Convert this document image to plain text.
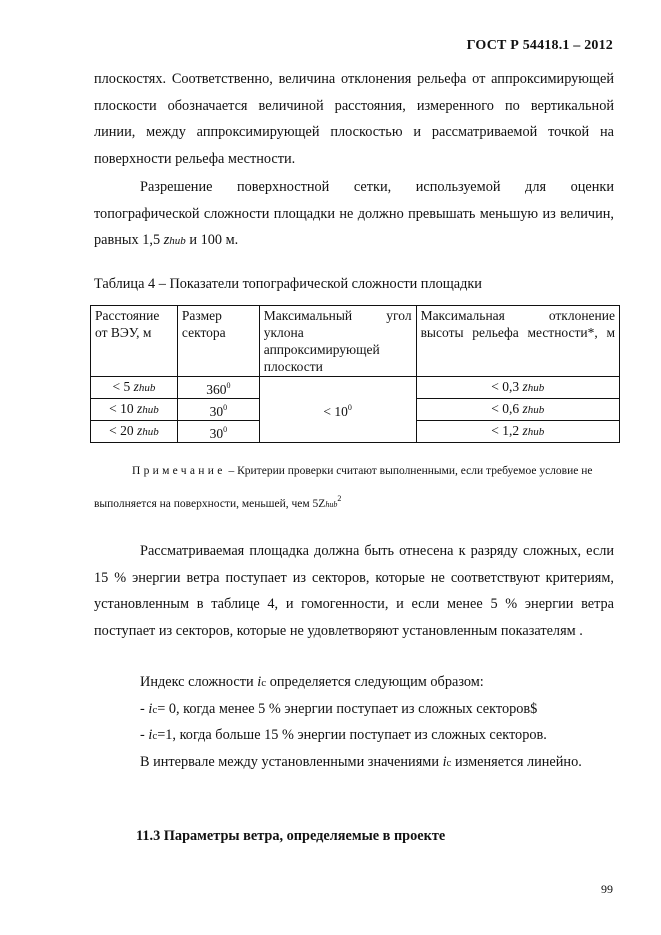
ГОСТ Р 54418.1 – 2012
плоскостях. Соответственно, величина отклонения рельефа от аппроксимирующей плоскости обозначается величиной расстояния, измеренного по вертикальной линии, между аппроксимирующей плоскостью и рассматриваемой точкой на поверхности рельефа местности.
Разрешение поверхностной сетки, используемой для оценки топографической сложности площадки не должно превышать меньшую из величин, равных 1,5 zhub и 100 м.
Таблица 4 – Показатели топографической сложности площадки
Расстояние от ВЭУ, м	Размер сектора	Максимальный угол уклона аппроксимирующей плоскости	Максимальная отклонение высоты рельефа местности*, м
< 5 zhub	$360^0$	< $10^0$	< 0,3 zhub
< 10 zhub	$30^0$		< 0,6 zhub
< 20 zhub	$30^0$		< 1,2 zhub
Примечание – Критерии проверки считают выполненными, если требуемое условие не выполняется на поверхности, меньшей, чем 5Zhub$^2$
Рассматриваемая площадка должна быть отнесена к разряду сложных, если 15 % энергии ветра поступает из секторов, которые не соответствуют критериям, установленным в таблице 4, и гомогенности, и если менее 5 % энергии ветра поступает из секторов, которые не удовлетворяют установленным показателям .
Индекс сложности ic определяется следующим образом:
- ic= 0, когда менее 5 % энергии поступает из сложных секторов$
- ic=1, когда больше 15 % энергии поступает из сложных секторов.
В интервале между установленными значениями ic изменяется линейно.
11.3 Параметры ветра, определяемые в проекте
99
